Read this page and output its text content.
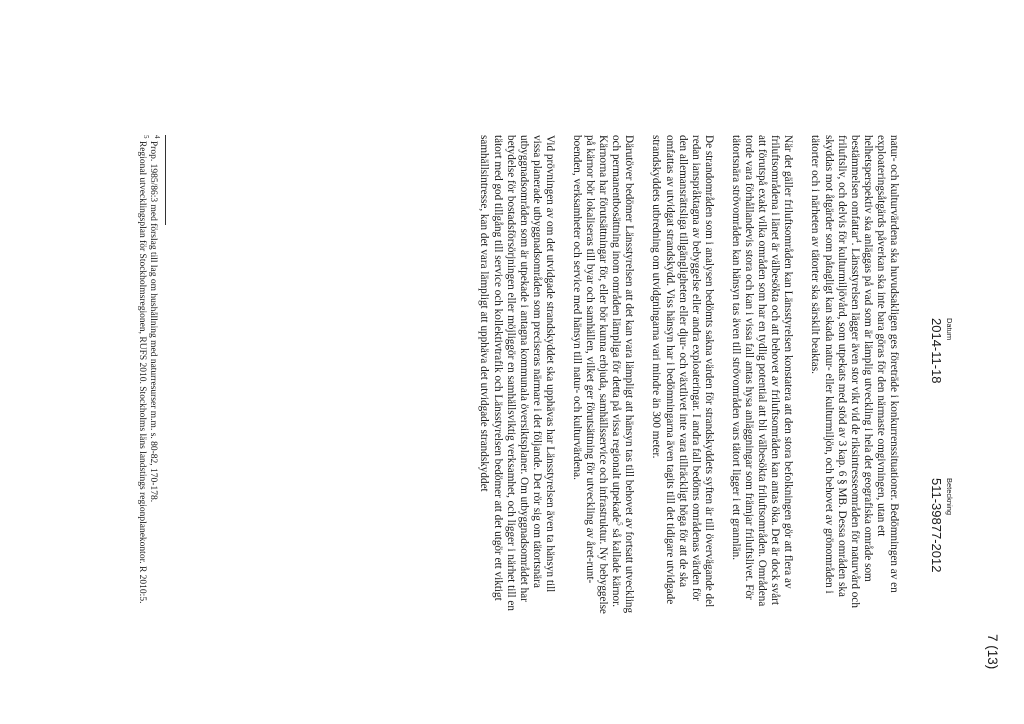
7 (13)
Datum
2014-11-18
Beteckning
511-39877-2012

natur- och kulturvärdena ska huvudsakligen ges företräde i konkurrenssituationer. Bedömningen av en exploateringsåtgärds påverkan ska inte bara göras för den närmaste omgivningen, utan ett helhetsperspektiv ska anläggas på vad som är lämplig utveckling i hela det geografiska område som bestämmelsen omfattar$^4$. Länsstyrelsen lägger även stor vikt vid de riksintresseområden för naturvård och friluftsliv, och delvis för kulturmiljövård, som utpekats med stöd av 3 kap. 6 § MB. Dessa områden ska skyddas mot åtgärder som påtagligt kan skada natur- eller kulturmiljön, och behovet av grönområden i tätorter och i närheten av tätorter ska särskilt beaktas.

När det gäller friluftsområden kan Länsstyrelsen konstatera att den stora befolkningen gör att flera av friluftsområdena i länet är välbesökta och att behovet av friluftsområden kan antas öka. Det är dock svårt att förutspå exakt vilka områden som har en tydlig potential att bli välbesökta friluftsområden. Områdena torde vara förhållandevis stora och kan i vissa fall antas hysa anläggningar som främjar friluftslivet. För tätortsnära strövområden kan hänsyn tas även till strövområden vars tätort ligger i ett grannlän.

De strandområden som i analysen bedömts sakna värden för strandskyddets syften är till övervägande del redan ianspråktagna av bebyggelse eller andra exploateringar. I andra fall bedöms områdenas värden för den allemansrättsliga tillgängligheten eller djur- och växtlivet inte vara tillräckligt höga för att de ska omfattas av utvidgat strandskydd. Viss hänsyn har i bedömningarna även tagits till det tidigare utvidgade strandskyddets utbredning om utvidgningarna vari mindre än 300 meter.

Därutöver bedömer Länsstyrelsen att det kan vara lämpligt att hänsyn tas till behovet av fortsatt utveckling och permanentbosättning inom områden lämpliga för detta på vissa regionalt utpekade$^5$ så kallade kärnor. Kärnorna har förutsättningar för, eller bör kunna erbjuda, samhällsservice och infrastruktur. Ny bebyggelse på kärnor bör lokaliseras till byar och samhällen, vilket ger förutsättning för utveckling av året-runt-boenden, verksamheter och service med hänsyn till natur- och kulturvärdena.

Vid prövningen av om det utvidgade strandskyddet ska upphävas har Länsstyrelsen även ta hänsyn till vissa planerade utbyggnadsområden som preciseras närmare i det följande. Det rör sig om tätortsnära utbyggnadsområden som är utpekade i antagna kommunala översiktsplaner. Om utbyggnadsområdet har betydelse för bostadsförsörjningen eller möjliggör en samhällsviktig verksamhet, och ligger i närhet till en tätort med god tillgång till service och kollektivtrafik och Länsstyrelsen bedömer att det utgör ett viktigt samhällsintresse, kan det vara lämpligt att upphäva det utvidgade strandskyddet

$^4$ Prop. 1985/86:3 med förslag till lag om hushållning med naturresurser m.m. s. 80-82, 170-178.
$^5$ Regional utvecklingsplan för Stockholmsregionen, RUFS 2010. Stockholms läns landstings regionplanekontor. R 2010:5.
